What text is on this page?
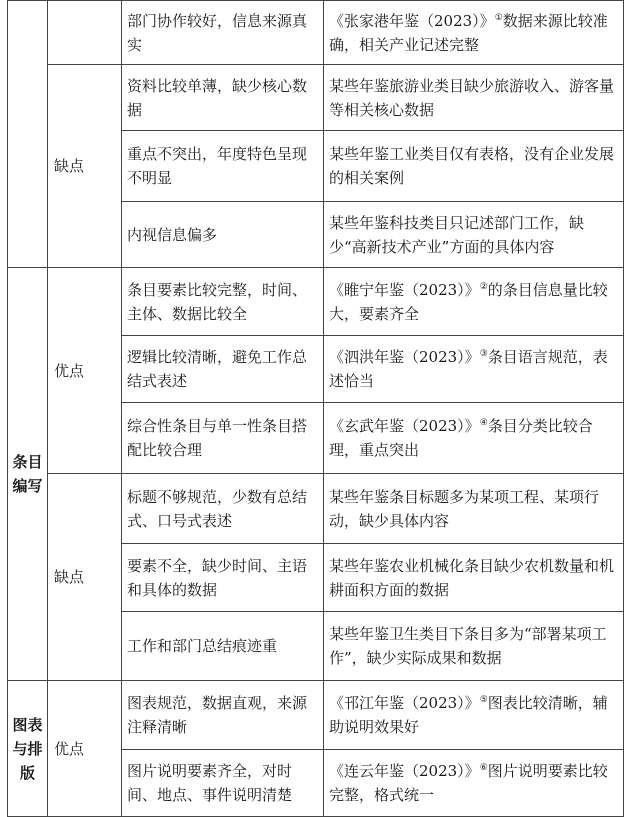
		部门协作较好，信息来源真实	《张家港年鉴（2023）》①数据来源比较准确，相关产业记述完整
	缺点	资料比较单薄，缺少核心数据	某些年鉴旅游业类目缺少旅游收入、游客量等相关核心数据
		重点不突出，年度特色呈现不明显	某些年鉴工业类目仅有表格，没有企业发展的相关案例
		内视信息偏多	某些年鉴科技类目只记述部门工作，缺少“高新技术产业”方面的具体内容
条目编写	优点	条目要素比较完整，时间、主体、数据比较全	《睢宁年鉴（2023）》②的条目信息量比较大，要素齐全
		逻辑比较清晰，避免工作总结式表述	《泗洪年鉴（2023）》③条目语言规范，表述恰当
		综合性条目与单一性条目搭配比较合理	《玄武年鉴（2023）》④条目分类比较合理，重点突出
	缺点	标题不够规范，少数有总结式、口号式表述	某些年鉴条目标题多为某项工程、某项行动，缺少具体内容
		要素不全，缺少时间、主语和具体的数据	某些年鉴农业机械化条目缺少农机数量和机耕面积方面的数据
		工作和部门总结痕迹重	某些年鉴卫生类目下条目多为“部署某项工作”，缺少实际成果和数据
图表与排版	优点	图表规范，数据直观，来源注释清晰	《邗江年鉴（2023）》⑤图表比较清晰，辅助说明效果好
		图片说明要素齐全，对时间、地点、事件说明清楚	《连云年鉴（2023）》⑥图片说明要素比较完整，格式统一
